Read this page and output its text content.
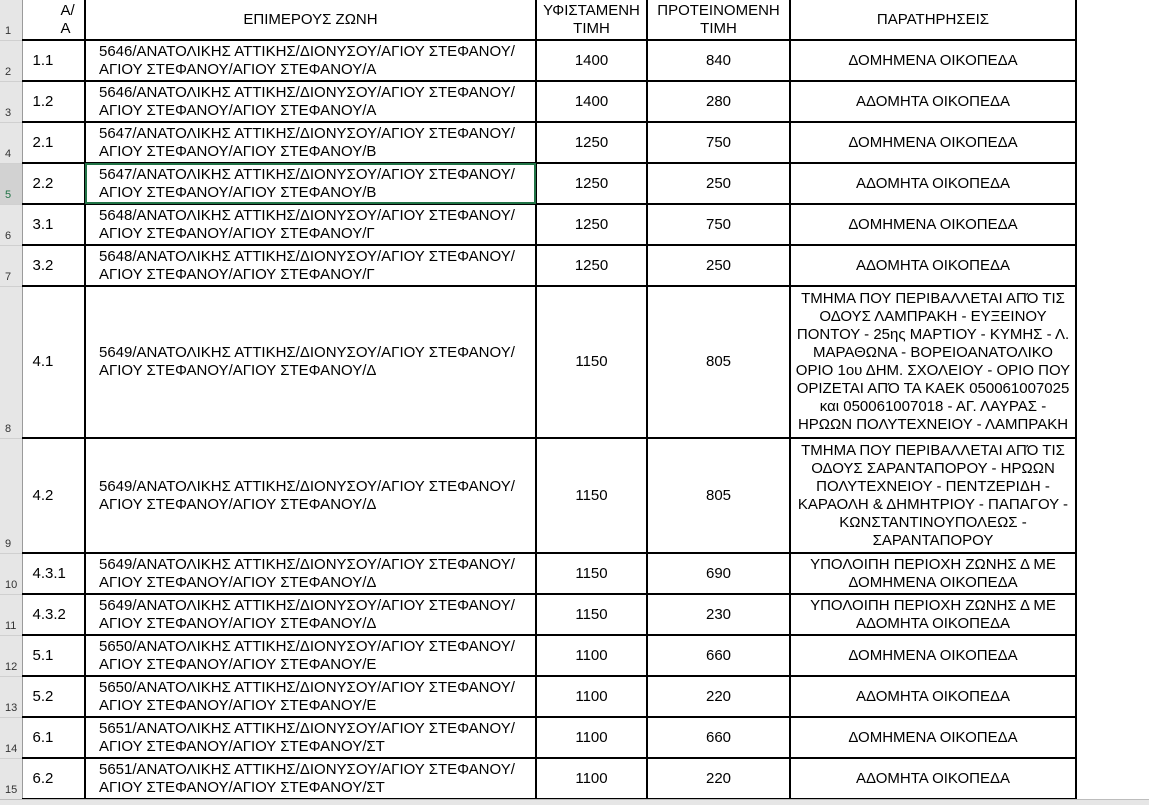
1	Α/Α	ΕΠΙΜΕΡΟΥΣ ΖΩΝΗ	ΥΦΙΣΤΑΜΕΝΗ ΤΙΜΗ	ΠΡΟΤΕΙΝΟΜΕΝΗ ΤΙΜΗ	ΠΑΡΑΤΗΡΗΣΕΙΣ	
2	1.1	5646/ΑΝΑΤΟΛΙΚΗΣ ΑΤΤΙΚΗΣ/ΔΙΟΝΥΣΟΥ/ΑΓΙΟΥ ΣΤΕΦΑΝΟΥ/ΑΓΙΟΥ ΣΤΕΦΑΝΟΥ/ΑΓΙΟΥ ΣΤΕΦΑΝΟΥ/Α	1400	840	ΔΟΜΗΜΕΝΑ ΟΙΚΟΠΕΔΑ	
3	1.2	5646/ΑΝΑΤΟΛΙΚΗΣ ΑΤΤΙΚΗΣ/ΔΙΟΝΥΣΟΥ/ΑΓΙΟΥ ΣΤΕΦΑΝΟΥ/ΑΓΙΟΥ ΣΤΕΦΑΝΟΥ/ΑΓΙΟΥ ΣΤΕΦΑΝΟΥ/Α	1400	280	ΑΔΟΜΗΤΑ ΟΙΚΟΠΕΔΑ	
4	2.1	5647/ΑΝΑΤΟΛΙΚΗΣ ΑΤΤΙΚΗΣ/ΔΙΟΝΥΣΟΥ/ΑΓΙΟΥ ΣΤΕΦΑΝΟΥ/ΑΓΙΟΥ ΣΤΕΦΑΝΟΥ/ΑΓΙΟΥ ΣΤΕΦΑΝΟΥ/Β	1250	750	ΔΟΜΗΜΕΝΑ ΟΙΚΟΠΕΔΑ	
5	2.2	5647/ΑΝΑΤΟΛΙΚΗΣ ΑΤΤΙΚΗΣ/ΔΙΟΝΥΣΟΥ/ΑΓΙΟΥ ΣΤΕΦΑΝΟΥ/ΑΓΙΟΥ ΣΤΕΦΑΝΟΥ/ΑΓΙΟΥ ΣΤΕΦΑΝΟΥ/Β	1250	250	ΑΔΟΜΗΤΑ ΟΙΚΟΠΕΔΑ	
6	3.1	5648/ΑΝΑΤΟΛΙΚΗΣ ΑΤΤΙΚΗΣ/ΔΙΟΝΥΣΟΥ/ΑΓΙΟΥ ΣΤΕΦΑΝΟΥ/ΑΓΙΟΥ ΣΤΕΦΑΝΟΥ/ΑΓΙΟΥ ΣΤΕΦΑΝΟΥ/Γ	1250	750	ΔΟΜΗΜΕΝΑ ΟΙΚΟΠΕΔΑ	
7	3.2	5648/ΑΝΑΤΟΛΙΚΗΣ ΑΤΤΙΚΗΣ/ΔΙΟΝΥΣΟΥ/ΑΓΙΟΥ ΣΤΕΦΑΝΟΥ/ΑΓΙΟΥ ΣΤΕΦΑΝΟΥ/ΑΓΙΟΥ ΣΤΕΦΑΝΟΥ/Γ	1250	250	ΑΔΟΜΗΤΑ ΟΙΚΟΠΕΔΑ	
8	4.1	5649/ΑΝΑΤΟΛΙΚΗΣ ΑΤΤΙΚΗΣ/ΔΙΟΝΥΣΟΥ/ΑΓΙΟΥ ΣΤΕΦΑΝΟΥ/ΑΓΙΟΥ ΣΤΕΦΑΝΟΥ/ΑΓΙΟΥ ΣΤΕΦΑΝΟΥ/Δ	1150	805	ΤΜΗΜΑ ΠΟΥ ΠΕΡΙΒΑΛΛΕΤΑΙ ΑΠΌ ΤΙΣ ΟΔΟΥΣ ΛΑΜΠΡΑΚΗ - ΕΥΞΕΙΝΟΥ ΠΟΝΤΟΥ - 25ης ΜΑΡΤΙΟΥ - ΚΥΜΗΣ - Λ. ΜΑΡΑΘΩΝΑ - ΒΟΡΕΙΟΑΝΑΤΟΛΙΚΟ ΟΡΙΟ 1ου ΔΗΜ. ΣΧΟΛΕΙΟΥ - ΟΡΙΟ ΠΟΥ ΟΡΙΖΕΤΑΙ ΑΠΌ ΤΑ ΚΑΕΚ 050061007025 και 050061007018 - ΑΓ. ΛΑΥΡΑΣ - ΗΡΩΩΝ ΠΟΛΥΤΕΧΝΕΙΟΥ - ΛΑΜΠΡΑΚΗ	
9	4.2	5649/ΑΝΑΤΟΛΙΚΗΣ ΑΤΤΙΚΗΣ/ΔΙΟΝΥΣΟΥ/ΑΓΙΟΥ ΣΤΕΦΑΝΟΥ/ΑΓΙΟΥ ΣΤΕΦΑΝΟΥ/ΑΓΙΟΥ ΣΤΕΦΑΝΟΥ/Δ	1150	805	ΤΜΗΜΑ ΠΟΥ ΠΕΡΙΒΑΛΛΕΤΑΙ ΑΠΌ ΤΙΣ ΟΔΟΥΣ ΣΑΡΑΝΤΑΠΟΡΟΥ - ΗΡΩΩΝ ΠΟΛΥΤΕΧΝΕΙΟΥ - ΠΕΝΤΖΕΡΙΔΗ - ΚΑΡΑΟΛΗ & ΔΗΜΗΤΡΙΟΥ - ΠΑΠΑΓΟΥ - ΚΩΝΣΤΑΝΤΙΝΟΥΠΟΛΕΩΣ - ΣΑΡΑΝΤΑΠΟΡΟΥ	
10	4.3.1	5649/ΑΝΑΤΟΛΙΚΗΣ ΑΤΤΙΚΗΣ/ΔΙΟΝΥΣΟΥ/ΑΓΙΟΥ ΣΤΕΦΑΝΟΥ/ΑΓΙΟΥ ΣΤΕΦΑΝΟΥ/ΑΓΙΟΥ ΣΤΕΦΑΝΟΥ/Δ	1150	690	ΥΠΟΛΟΙΠΗ ΠΕΡΙΟΧΗ ΖΩΝΗΣ Δ ΜΕ ΔΟΜΗΜΕΝΑ ΟΙΚΟΠΕΔΑ	
11	4.3.2	5649/ΑΝΑΤΟΛΙΚΗΣ ΑΤΤΙΚΗΣ/ΔΙΟΝΥΣΟΥ/ΑΓΙΟΥ ΣΤΕΦΑΝΟΥ/ΑΓΙΟΥ ΣΤΕΦΑΝΟΥ/ΑΓΙΟΥ ΣΤΕΦΑΝΟΥ/Δ	1150	230	ΥΠΟΛΟΙΠΗ ΠΕΡΙΟΧΗ ΖΩΝΗΣ Δ ΜΕ ΑΔΟΜΗΤΑ ΟΙΚΟΠΕΔΑ	
12	5.1	5650/ΑΝΑΤΟΛΙΚΗΣ ΑΤΤΙΚΗΣ/ΔΙΟΝΥΣΟΥ/ΑΓΙΟΥ ΣΤΕΦΑΝΟΥ/ΑΓΙΟΥ ΣΤΕΦΑΝΟΥ/ΑΓΙΟΥ ΣΤΕΦΑΝΟΥ/Ε	1100	660	ΔΟΜΗΜΕΝΑ ΟΙΚΟΠΕΔΑ	
13	5.2	5650/ΑΝΑΤΟΛΙΚΗΣ ΑΤΤΙΚΗΣ/ΔΙΟΝΥΣΟΥ/ΑΓΙΟΥ ΣΤΕΦΑΝΟΥ/ΑΓΙΟΥ ΣΤΕΦΑΝΟΥ/ΑΓΙΟΥ ΣΤΕΦΑΝΟΥ/Ε	1100	220	ΑΔΟΜΗΤΑ ΟΙΚΟΠΕΔΑ	
14	6.1	5651/ΑΝΑΤΟΛΙΚΗΣ ΑΤΤΙΚΗΣ/ΔΙΟΝΥΣΟΥ/ΑΓΙΟΥ ΣΤΕΦΑΝΟΥ/ΑΓΙΟΥ ΣΤΕΦΑΝΟΥ/ΑΓΙΟΥ ΣΤΕΦΑΝΟΥ/ΣΤ	1100	660	ΔΟΜΗΜΕΝΑ ΟΙΚΟΠΕΔΑ	
15	6.2	5651/ΑΝΑΤΟΛΙΚΗΣ ΑΤΤΙΚΗΣ/ΔΙΟΝΥΣΟΥ/ΑΓΙΟΥ ΣΤΕΦΑΝΟΥ/ΑΓΙΟΥ ΣΤΕΦΑΝΟΥ/ΑΓΙΟΥ ΣΤΕΦΑΝΟΥ/ΣΤ	1100	220	ΑΔΟΜΗΤΑ ΟΙΚΟΠΕΔΑ	
